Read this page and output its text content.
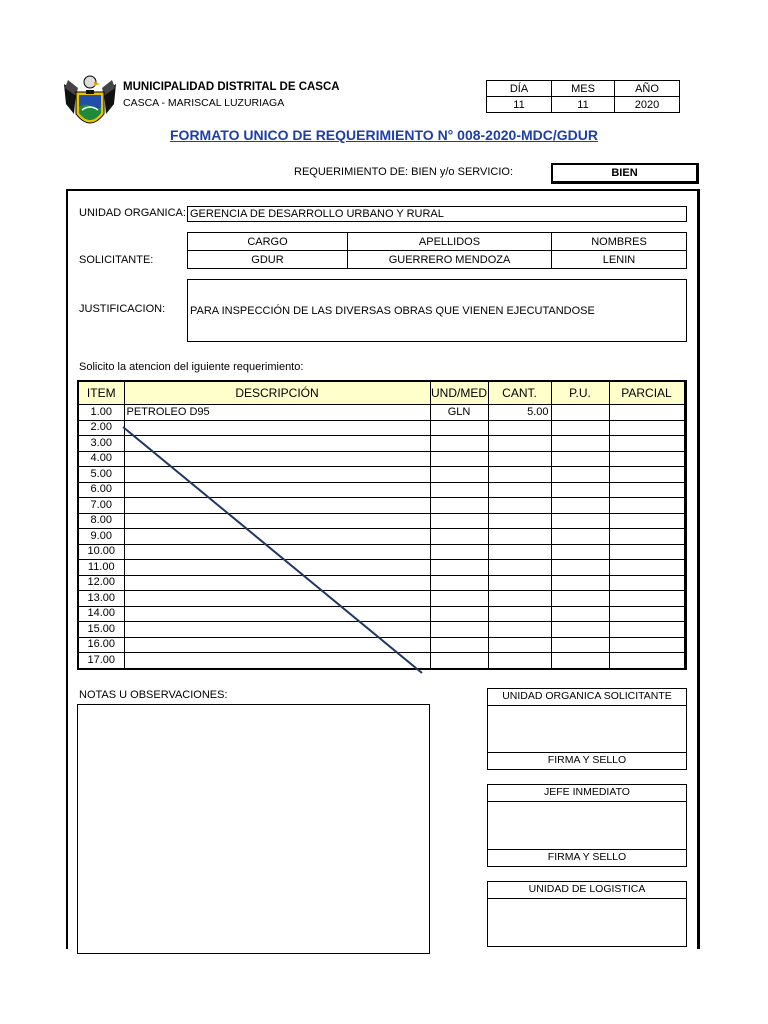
MUNICIPALIDAD DISTRITAL DE CASCA
CASCA - MARISCAL LUZURIAGA
DÍA	MES	AÑO
11	11	2020
FORMATO UNICO DE REQUERIMIENTO N° 008-2020-MDC/GDUR
REQUERIMIENTO DE: BIEN y/o SERVICIO:	BIEN
UNIDAD ORGANICA: GERENCIA DE DESARROLLO URBANO Y RURAL
CARGO	APELLIDOS	NOMBRES
GDUR	GUERRERO MENDOZA	LENIN
SOLICITANTE:
JUSTIFICACION: PARA INSPECCIÓN DE LAS DIVERSAS OBRAS QUE VIENEN EJECUTANDOSE
Solicito la atencion del iguiente requerimiento:
ITEM	DESCRIPCIÓN	UND/MED	CANT.	P.U.	PARCIAL
1.00	PETROLEO D95	GLN	5.00		
2.00					
3.00					
4.00					
5.00					
6.00					
7.00					
8.00					
9.00					
10.00					
11.00					
12.00					
13.00					
14.00					
15.00					
16.00					
17.00					
NOTAS U OBSERVACIONES:	UNIDAD ORGANICA SOLICITANTE
FIRMA Y SELLO
JEFE INMEDIATO
FIRMA Y SELLO
UNIDAD DE LOGISTICA
